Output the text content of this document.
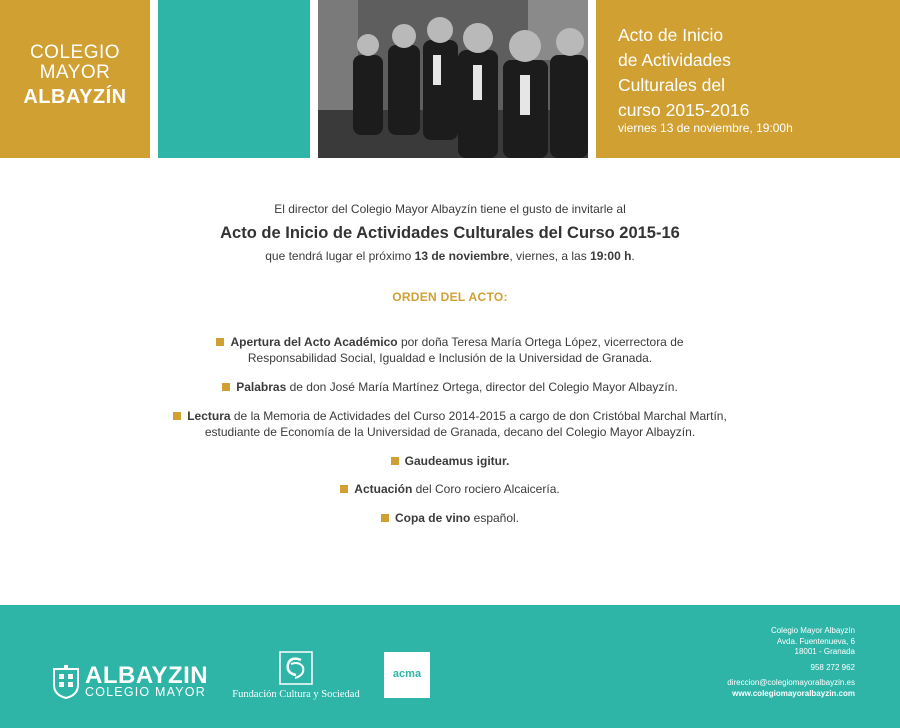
COLEGIO
MAYOR
ALBAYZÍN
Acto de Inicio
de Actividades
Culturales del
curso 2015-2016
viernes 13 de noviembre, 19:00h
El director del Colegio Mayor Albayzín tiene el gusto de invitarle al
Acto de Inicio de Actividades Culturales del Curso 2015-16
que tendrá lugar el próximo 13 de noviembre, viernes, a las 19:00 h.
ORDEN DEL ACTO:
Apertura del Acto Académico por doña Teresa María Ortega López, vicerrectora de
Responsabilidad Social, Igualdad e Inclusión de la Universidad de Granada.
Palabras de don José María Martínez Ortega, director del Colegio Mayor Albayzín.
Lectura de la Memoria de Actividades del Curso 2014-2015 a cargo de don Cristóbal Marchal Martín,
estudiante de Economía de la Universidad de Granada, decano del Colegio Mayor Albayzín.
Gaudeamus igitur.
Actuación del Coro rociero Alcaicería.
Copa de vino español.
ALBAYZIN
COLEGIO MAYOR	Fundación Cultura y Sociedad
acma
Colegio Mayor Albayzín
Avda. Fuentenueva, 6
18001 - Granada
958 272 962
direccion@colegiomayoralbayzin.es
www.colegiomayoralbayzin.com
